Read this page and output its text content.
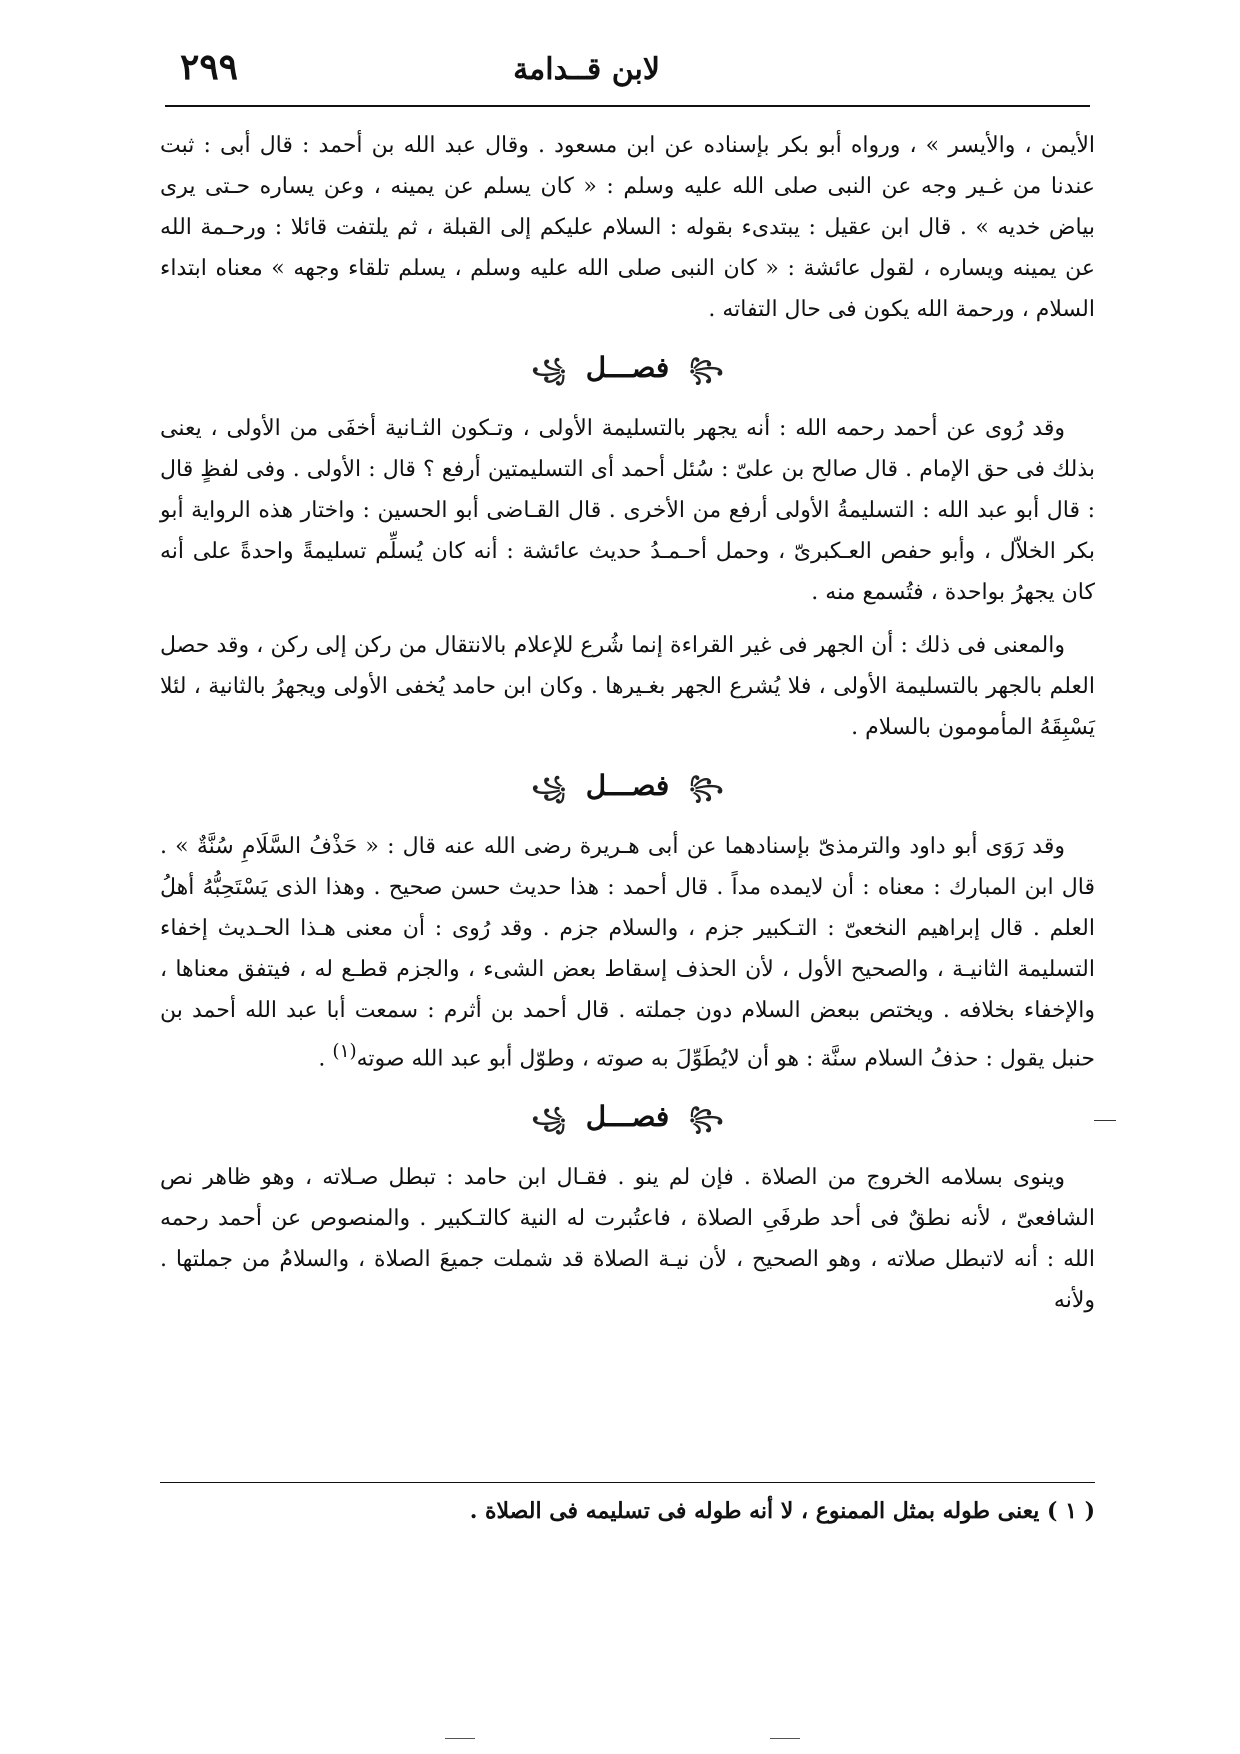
لابن قــدامة
٢٩٩

الأيمن ، والأيسر » ، ورواه أبو بكر بإسناده عن ابن مسعود . وقال عبد الله بن أحمد : قال أبى : ثبت عندنا من غـير وجه عن النبى صلى الله عليه وسلم : « كان يسلم عن يمينه ، وعن يساره حـتى يرى بياض خديه » . قال ابن عقيل : يبتدىء بقوله : السلام عليكم إلى القبلة ، ثم يلتفت قائلا : ورحـمة الله عن يمينه ويساره ، لقول عائشة : « كان النبى صلى الله عليه وسلم ، يسلم تلقاء وجهه » معناه ابتداء السلام ، ورحمة الله يكون فى حال التفاته .

꧂ فصـــل ꧁

وقد رُوى عن أحمد رحمه الله : أنه يجهر بالتسليمة الأولى ، وتـكون الثـانية أخفَى من الأولى ، يعنى بذلك فى حق الإمام . قال صالح بن علىّ : سُئل أحمد أى التسليمتين أرفع ؟ قال : الأولى . وفى لفظٍ قال : قال أبو عبد الله : التسليمةُ الأولى أرفع من الأخرى . قال القـاضى أبو الحسين : واختار هذه الرواية أبو بكر الخلاّل ، وأبو حفص العـكبرىّ ، وحمل أحـمـدُ حديث عائشة : أنه كان يُسلِّم تسليمةً واحدةً على أنه كان يجهرُ بواحدة ، فتُسمع منه .

والمعنى فى ذلك : أن الجهر فى غير القراءة إنما شُرع للإعلام بالانتقال من ركن إلى ركن ، وقد حصل العلم بالجهر بالتسليمة الأولى ، فلا يُشرع الجهر بغـيرها . وكان ابن حامد يُخفى الأولى ويجهرُ بالثانية ، لئلا يَسْبِقَهُ المأمومون بالسلام .

꧂ فصـــل ꧁

وقد رَوَى أبو داود والترمذىّ بإسنادهما عن أبى هـريرة رضى الله عنه قال : « حَذْفُ السَّلَامِ سُنَّةٌ » . قال ابن المبارك : معناه : أن لايمده مداً . قال أحمد : هذا حديث حسن صحيح . وهذا الذى يَسْتَحِبُّهُ أهلُ العلم . قال إبراهيم النخعىّ : التـكبير جزم ، والسلام جزم . وقد رُوى : أن معنى هـذا الحـديث إخفاء التسليمة الثانيـة ، والصحيح الأول ، لأن الحذف إسقاط بعض الشىء ، والجزم قطـع له ، فيتفق معناها ، والإخفاء بخلافه . ويختص ببعض السلام دون جملته . قال أحمد بن أثرم : سمعت أبا عبد الله أحمد بن حنبل يقول : حذفُ السلام سنَّة : هو أن لايُطَوِّلَ به صوته ، وطوّل أبو عبد الله صوته$^{(١)}$ .

꧂ فصـــل ꧁

وينوى بسلامه الخروج من الصلاة . فإن لم ينو . فقـال ابن حامد : تبطل صـلاته ، وهو ظاهر نص الشافعىّ ، لأنه نطقٌ فى أحد طرفَىِ الصلاة ، فاعتُبرت له النية كالتـكبير . والمنصوص عن أحمد رحمه الله : أنه لاتبطل صلاته ، وهو الصحيح ، لأن نيـة الصلاة قد شملت جميعَ الصلاة ، والسلامُ من جملتها . ولأنه

( ١ ) يعنى طوله بمثل الممنوع ، لا أنه طوله فى تسليمه فى الصلاة .
